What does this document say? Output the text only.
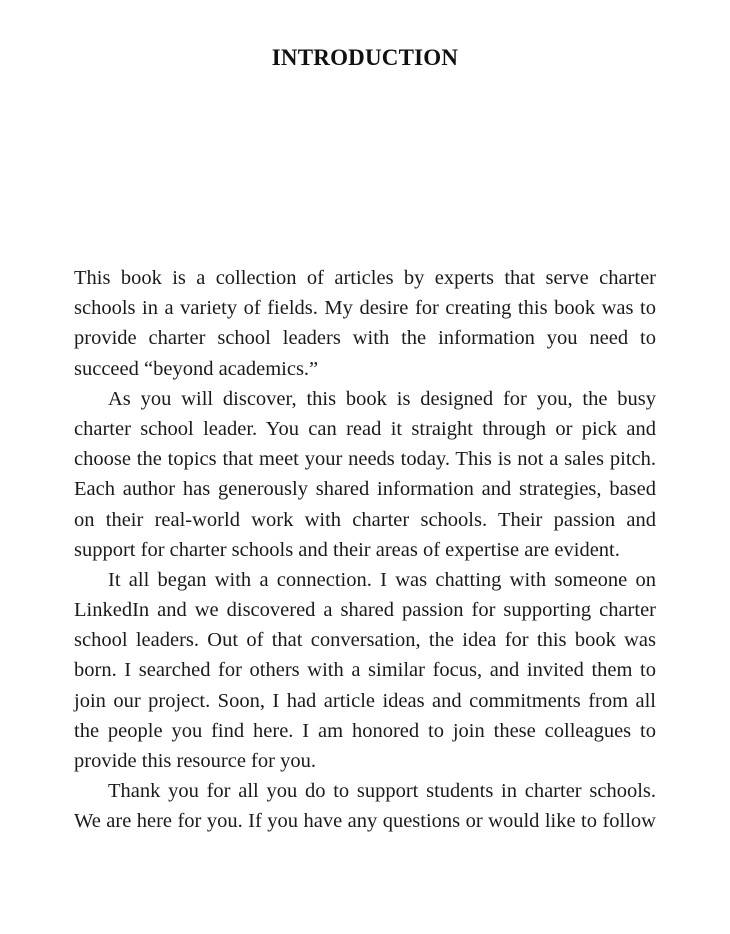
INTRODUCTION

This book is a collection of articles by experts that serve charter
schools in a variety of fields. My desire for creating this book was to
provide charter school leaders with the information you need to
succeed “beyond academics.”

As you will discover, this book is designed for you, the busy
charter school leader. You can read it straight through or pick and
choose the topics that meet your needs today. This is not a sales pitch.
Each author has generously shared information and strategies, based
on their real-world work with charter schools. Their passion and
support for charter schools and their areas of expertise are evident.

It all began with a connection. I was chatting with someone on
LinkedIn and we discovered a shared passion for supporting charter
school leaders. Out of that conversation, the idea for this book was
born. I searched for others with a similar focus, and invited them to
join our project. Soon, I had article ideas and commitments from all
the people you find here. I am honored to join these colleagues to
provide this resource for you.

Thank you for all you do to support students in charter schools.
We are here for you. If you have any questions or would like to follow
